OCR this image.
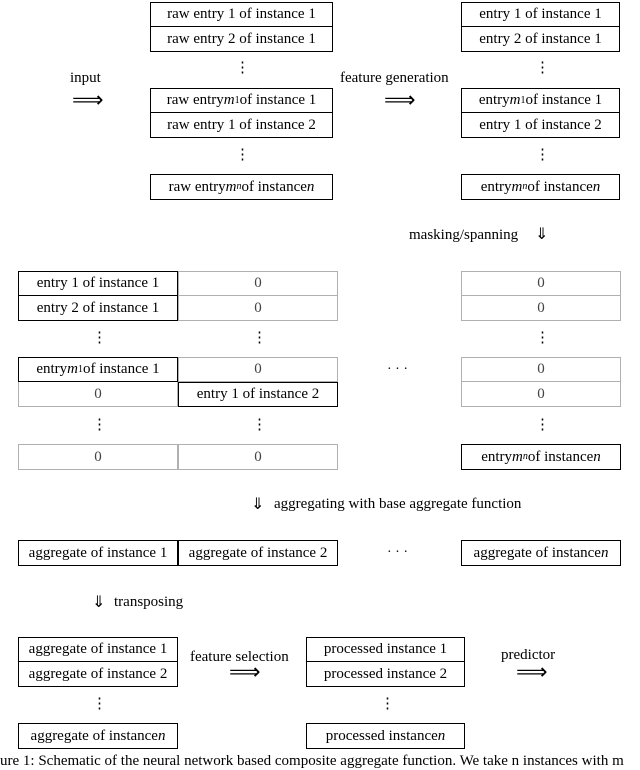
input
⟹
raw entry 1 of instance 1
raw entry 2 of instance 1
⋮
raw entry m 1 of instance 1
raw entry 1 of instance 2
⋮
raw entry m n of instance n
feature generation
⟹
entry 1 of instance 1
entry 2 of instance 1
⋮
entry m 1 of instance 1
entry 1 of instance 2
⋮
entry m n of instance n
masking/spanning ⇓
entry 1 of instance 1
entry 2 of instance 1
⋮
entry m 1 of instance 1
0
⋮
0
0
0
⋮
0
entry 1 of instance 2
⋮
0
· · ·
0
0
⋮
0
0
⋮
entry m n of instance n
⇓ aggregating with base aggregate function
aggregate of instance 1 aggregate of instance 2	· · ·	aggregate of instance n
⇓ transposing
aggregate of instance 1
aggregate of instance 2
⋮
aggregate of instance n
feature selection
⟹
processed instance 1
processed instance 2
⋮
processed instance n
predictor
⟹
ure 1: Schematic of the neural network based composite aggregate function. We take n instances with m
